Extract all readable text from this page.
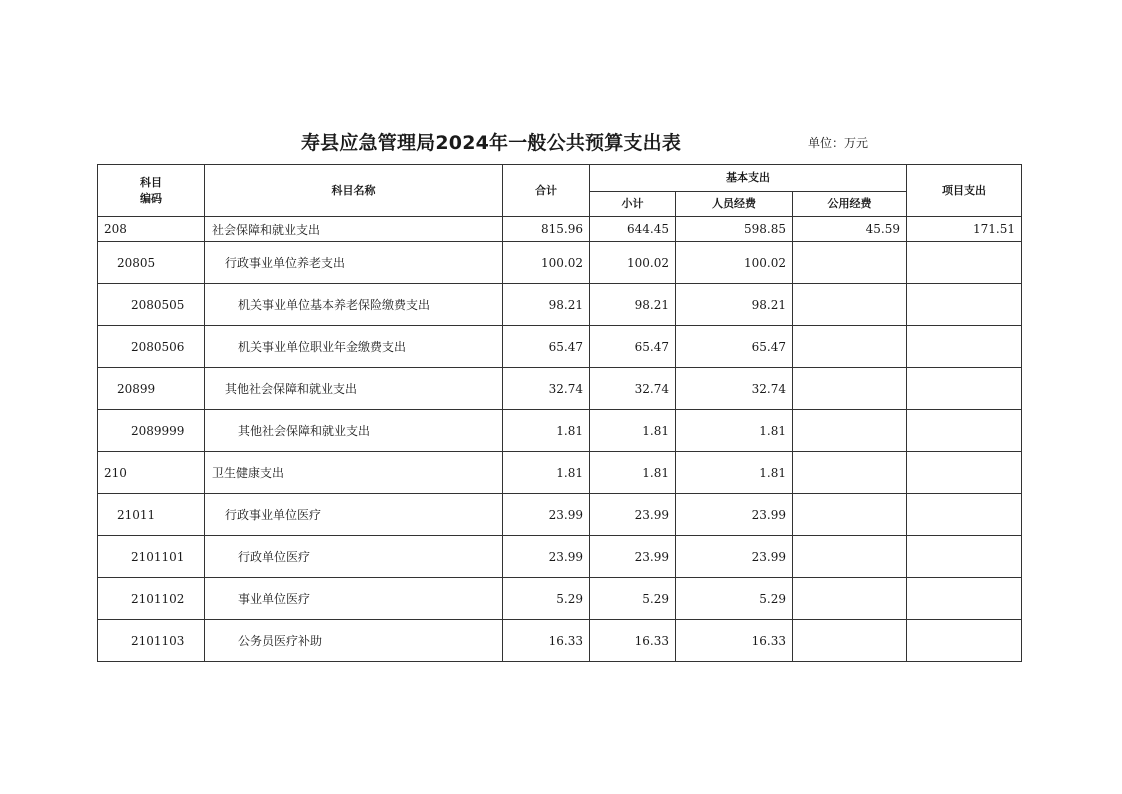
寿县应急管理局2024年一般公共预算支出表	单位：万元
科目
编码	科目名称	合计	基本支出			项目支出
			小计	人员经费	公用经费	
208	社会保障和就业支出	815.96	644.45	598.85	45.59	171.51
20805	行政事业单位养老支出	100.02	100.02	100.02		
2080505	机关事业单位基本养老保险缴费支出	98.21	98.21	98.21		
2080506	机关事业单位职业年金缴费支出	65.47	65.47	65.47		
20899	其他社会保障和就业支出	32.74	32.74	32.74		
2089999	其他社会保障和就业支出	1.81	1.81	1.81		
210	卫生健康支出	1.81	1.81	1.81		
21011	行政事业单位医疗	23.99	23.99	23.99		
2101101	行政单位医疗	23.99	23.99	23.99		
2101102	事业单位医疗	5.29	5.29	5.29		
2101103	公务员医疗补助	16.33	16.33	16.33		
